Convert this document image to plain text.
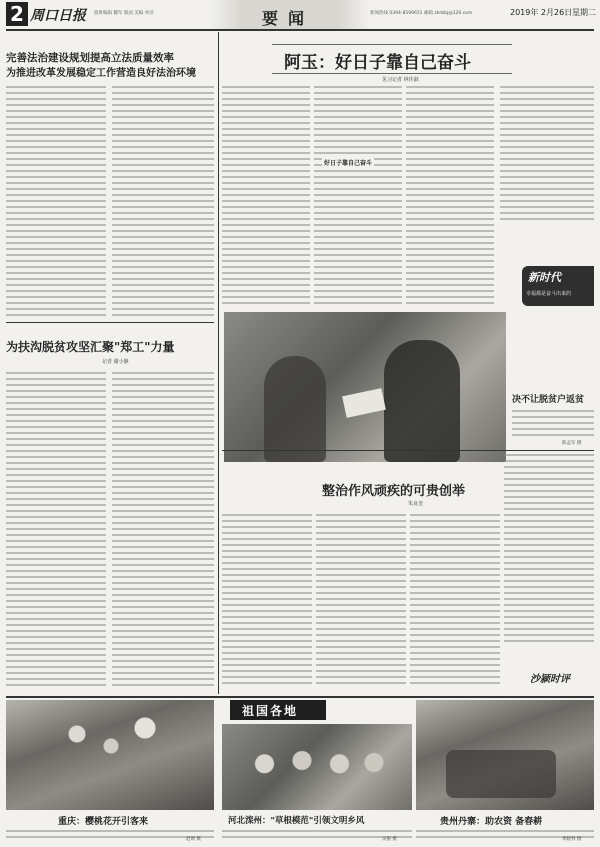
2 周口日报 值班编辑 魏军 版面 美编 单泽	要闻	新闻热线 0394-8599651 邮箱 zkrbbj@126.com	2019年 2月26日 星期二
完善法治建设规划提高立法质量效率
为推进改革发展稳定工作营造良好法治环境
为扶沟脱贫攻坚汇聚"郑工"力量
记者 谢小静
阿玉：好日子靠自己奋斗
见习记者 林佳淑
好日子靠自己奋斗
新时代
幸福都是奋斗出来的
决不让脱贫户返贫
陈孟军 摄
整治作风顽疾的可贵创举
朱良奎
沙颍时评
重庆：樱桃花开引客来
赵颂 摄
祖国各地
河北滦州："草根模范"引领文明乡风
吴振 摄
贵州丹寨：助农资 备春耕
黄晓春 摄
